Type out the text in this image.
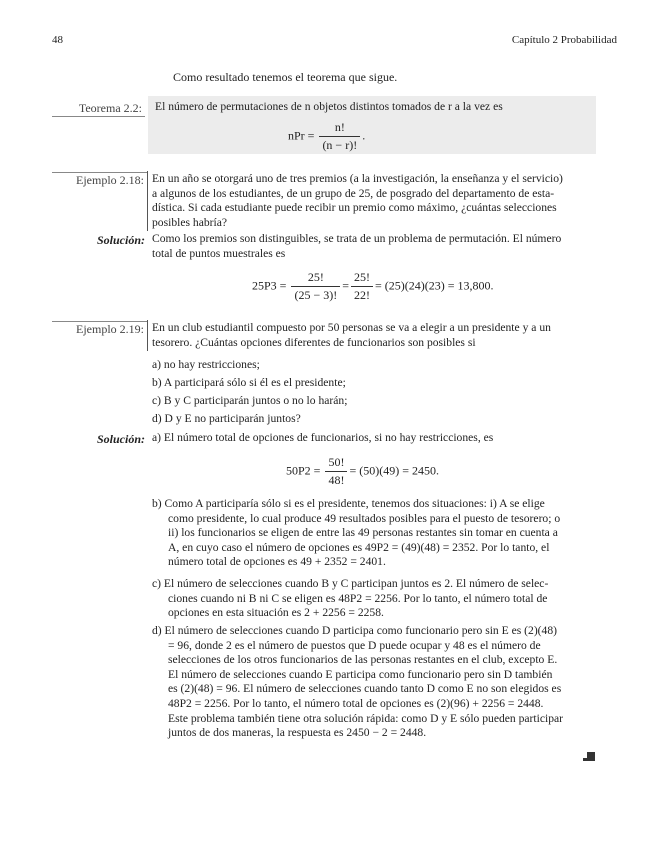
48	Capítulo 2 Probabilidad
Como resultado tenemos el teorema que sigue.
Teorema 2.2: El número de permutaciones de n objetos distintos tomados de r a la vez es
nPr = $\frac{n!}{(n - r)!}$ .
Ejemplo 2.18: En un año se otorgará uno de tres premios (a la investigación, la enseñanza y el servicio)
a algunos de los estudiantes, de un grupo de 25, de posgrado del departamento de esta-
dística. Si cada estudiante puede recibir un premio como máximo, ¿cuántas selecciones
posibles habría?
Solución: Como los premios son distinguibles, se trata de un problema de permutación. El número
total de puntos muestrales es
$25P3 = \frac{25!}{(25 - 3)!} = \frac{25!}{22!} = (25)(24)(23) = 13,800$.
Ejemplo 2.19: En un club estudiantil compuesto por 50 personas se va a elegir a un presidente y a un
tesorero. ¿Cuántas opciones diferentes de funcionarios son posibles si
a) no hay restricciones;
b) A participará sólo si él es el presidente;
c) B y C participarán juntos o no lo harán;
d) D y E no participarán juntos?
Solución: a) El número total de opciones de funcionarios, si no hay restricciones, es
$50P2 = \frac{50!}{48!} = (50)(49) = 2450$.
b) Como A participaría sólo si es el presidente, tenemos dos situaciones: i) A se elige
como presidente, lo cual produce 49 resultados posibles para el puesto de tesorero; o
ii) los funcionarios se eligen de entre las 49 personas restantes sin tomar en cuenta a
A, en cuyo caso el número de opciones es 49P2 = (49)(48) = 2352. Por lo tanto, el
número total de opciones es 49 + 2352 = 2401.
c) El número de selecciones cuando B y C participan juntos es 2. El número de selec-
ciones cuando ni B ni C se eligen es 48P2 = 2256. Por lo tanto, el número total de
opciones en esta situación es 2 + 2256 = 2258.
d) El número de selecciones cuando D participa como funcionario pero sin E es (2)(48)
= 96, donde 2 es el número de puestos que D puede ocupar y 48 es el número de
selecciones de los otros funcionarios de las personas restantes en el club, excepto E.
El número de selecciones cuando E participa como funcionario pero sin D también
es (2)(48) = 96. El número de selecciones cuando tanto D como E no son elegidos es
48P2 = 2256. Por lo tanto, el número total de opciones es (2)(96) + 2256 = 2448.
Este problema también tiene otra solución rápida: como D y E sólo pueden participar
juntos de dos maneras, la respuesta es 2450 − 2 = 2448.
